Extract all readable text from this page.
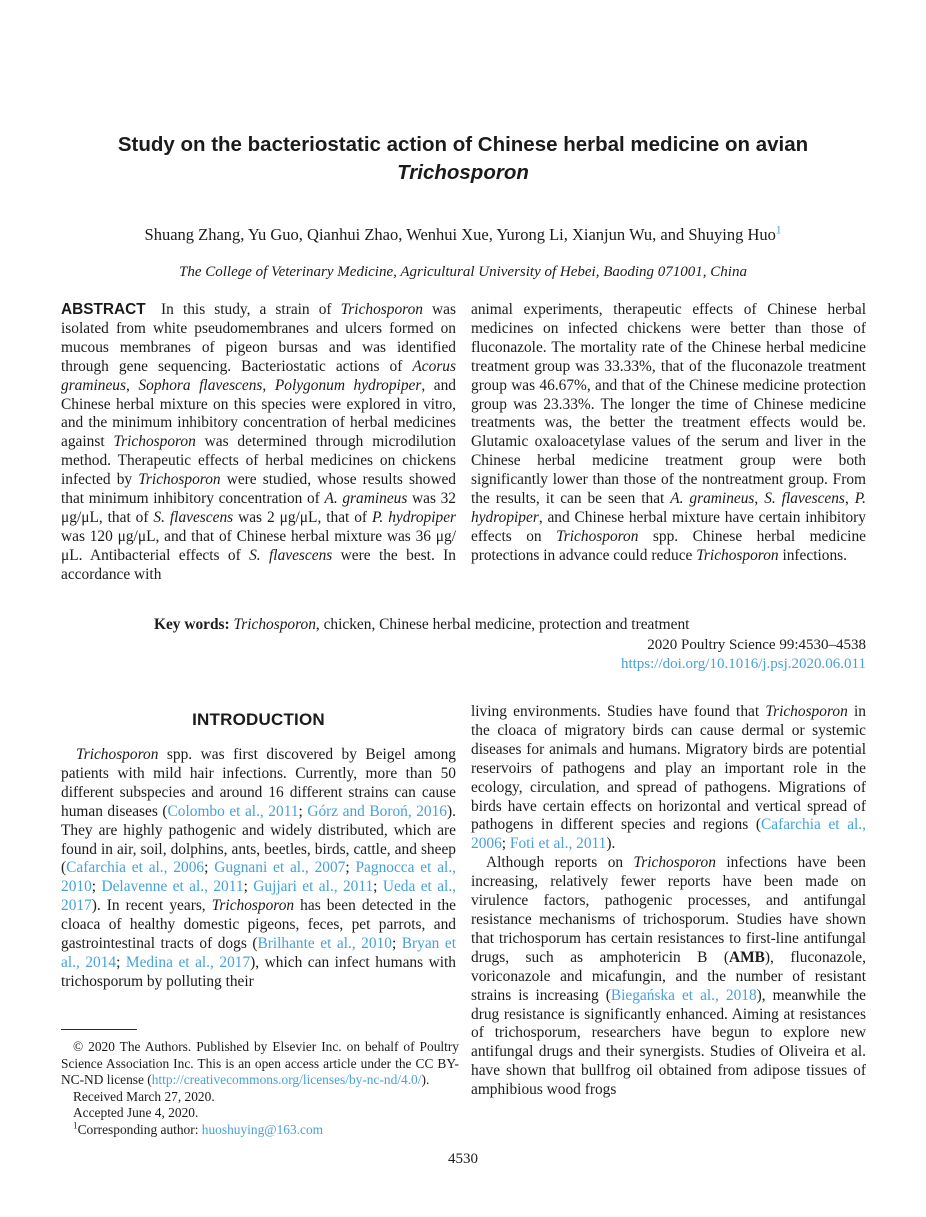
Study on the bacteriostatic action of Chinese herbal medicine on avian Trichosporon
Shuang Zhang, Yu Guo, Qianhui Zhao, Wenhui Xue, Yurong Li, Xianjun Wu, and Shuying Huo$^1$
The College of Veterinary Medicine, Agricultural University of Hebei, Baoding 071001, China

ABSTRACT In this study, a strain of Trichosporon was isolated from white pseudomembranes and ulcers formed on mucous membranes of pigeon bursas and was identified through gene sequencing. Bacteriostatic actions of Acorus gramineus, Sophora flavescens, Polygonum hydropiper, and Chinese herbal mixture on this species were explored in vitro, and the minimum inhibitory concentration of herbal medicines against Trichosporon was determined through microdilution method. Therapeutic effects of herbal medicines on chickens infected by Trichosporon were studied, whose results showed that minimum inhibitory concentration of A. gramineus was 32 μg/μL, that of S. flavescens was 2 μg/μL, that of P. hydropiper was 120 μg/μL, and that of Chinese herbal mixture was 36 μg/μL. Antibacterial effects of S. flavescens were the best. In accordance with

animal experiments, therapeutic effects of Chinese herbal medicines on infected chickens were better than those of fluconazole. The mortality rate of the Chinese herbal medicine treatment group was 33.33%, that of the fluconazole treatment group was 46.67%, and that of the Chinese medicine protection group was 23.33%. The longer the time of Chinese medicine treatments was, the better the treatment effects would be. Glutamic oxaloacetylase values of the serum and liver in the Chinese herbal medicine treatment group were both significantly lower than those of the nontreatment group. From the results, it can be seen that A. gramineus, S. flavescens, P. hydropiper, and Chinese herbal mixture have certain inhibitory effects on Trichosporon spp. Chinese herbal medicine protections in advance could reduce Trichosporon infections.

Key words: Trichosporon, chicken, Chinese herbal medicine, protection and treatment
2020 Poultry Science 99:4530–4538
https://doi.org/10.1016/j.psj.2020.06.011
INTRODUCTION

Trichosporon spp. was first discovered by Beigel among patients with mild hair infections. Currently, more than 50 different subspecies and around 16 different strains can cause human diseases (Colombo et al., 2011; Górz and Boroń, 2016). They are highly pathogenic and widely distributed, which are found in air, soil, dolphins, ants, beetles, birds, cattle, and sheep (Cafarchia et al., 2006; Gugnani et al., 2007; Pagnocca et al., 2010; Delavenne et al., 2011; Gujjari et al., 2011; Ueda et al., 2017). In recent years, Trichosporon has been detected in the cloaca of healthy domestic pigeons, feces, pet parrots, and gastrointestinal tracts of dogs (Brilhante et al., 2010; Bryan et al., 2014; Medina et al., 2017), which can infect humans with trichosporum by polluting their

living environments. Studies have found that Trichosporon in the cloaca of migratory birds can cause dermal or systemic diseases for animals and humans. Migratory birds are potential reservoirs of pathogens and play an important role in the ecology, circulation, and spread of pathogens. Migrations of birds have certain effects on horizontal and vertical spread of pathogens in different species and regions (Cafarchia et al., 2006; Foti et al., 2011).

Although reports on Trichosporon infections have been increasing, relatively fewer reports have been made on virulence factors, pathogenic processes, and antifungal resistance mechanisms of trichosporum. Studies have shown that trichosporum has certain resistances to first-line antifungal drugs, such as amphotericin B (AMB), fluconazole, voriconazole and micafungin, and the number of resistant strains is increasing (Biegańska et al., 2018), meanwhile the drug resistance is significantly enhanced. Aiming at resistances of trichosporum, researchers have begun to explore new antifungal drugs and their synergists. Studies of Oliveira et al. have shown that bullfrog oil obtained from adipose tissues of amphibious wood frogs

© 2020 The Authors. Published by Elsevier Inc. on behalf of Poultry Science Association Inc. This is an open access article under the CC BY-NC-ND license (http://creativecommons.org/licenses/by-nc-nd/4.0/).

Received March 27, 2020.

Accepted June 4, 2020.

$^1$Corresponding author: huoshuying@163.com

4530
